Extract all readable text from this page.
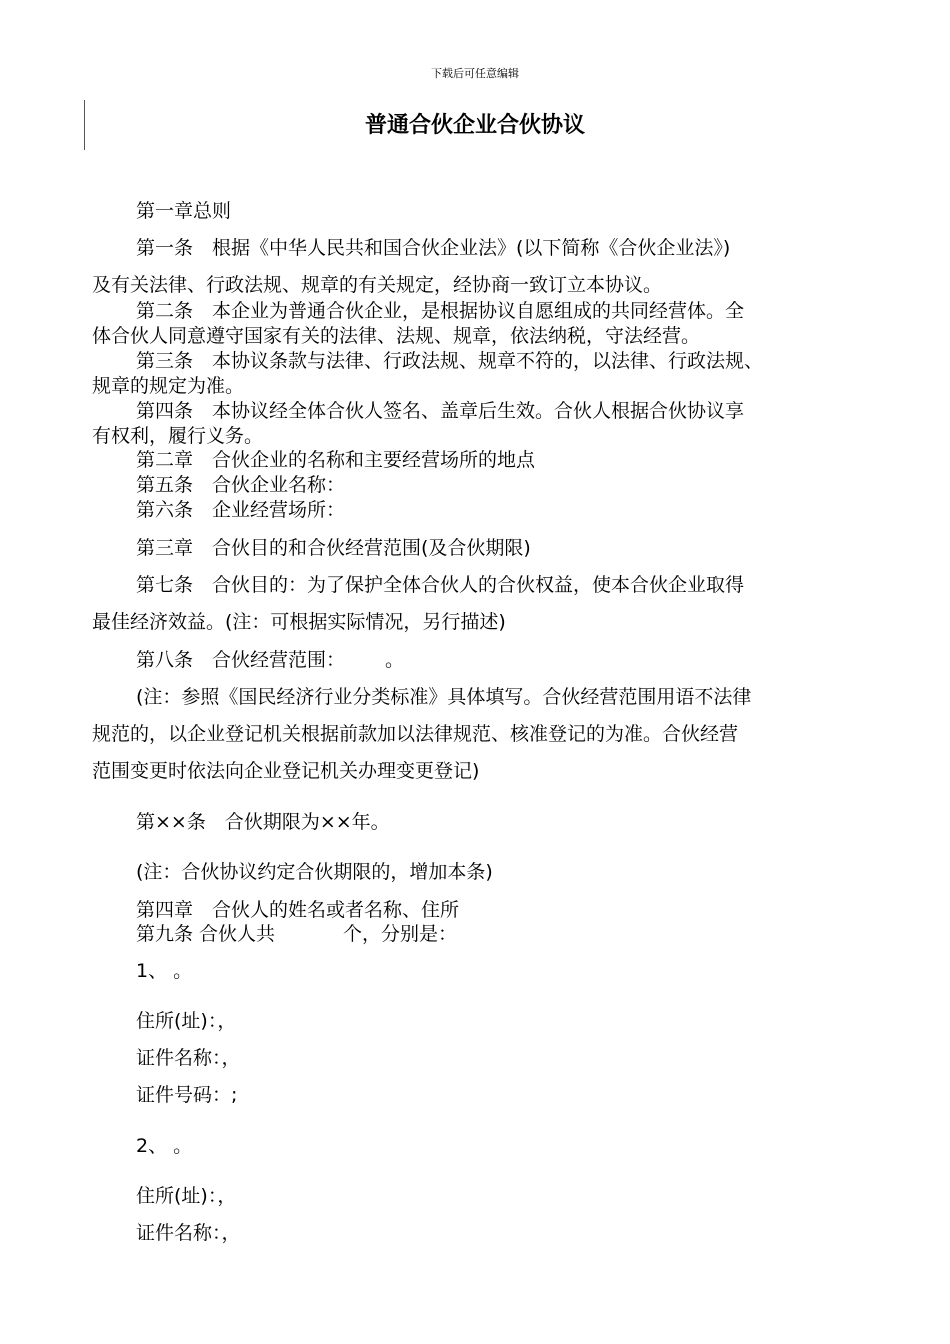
下载后可任意编辑
普通合伙企业合伙协议
第一章总则
第一条　根据《中华人民共和国合伙企业法》(以下简称《合伙企业法》)
及有关法律、行政法规、规章的有关规定，经协商一致订立本协议。
第二条　本企业为普通合伙企业，是根据协议自愿组成的共同经营体。全
体合伙人同意遵守国家有关的法律、法规、规章，依法纳税，守法经营。
第三条　本协议条款与法律、行政法规、规章不符的，以法律、行政法规、
规章的规定为准。
第四条　本协议经全体合伙人签名、盖章后生效。合伙人根据合伙协议享
有权利，履行义务。
第二章　合伙企业的名称和主要经营场所的地点
第五条　合伙企业名称：
第六条　企业经营场所：
第三章　合伙目的和合伙经营范围(及合伙期限)
第七条　合伙目的：为了保护全体合伙人的合伙权益，使本合伙企业取得
最佳经济效益。(注：可根据实际情况，另行描述)
第八条　合伙经营范围： 。
(注：参照《国民经济行业分类标准》具体填写。合伙经营范围用语不法律
规范的，以企业登记机关根据前款加以法律规范、核准登记的为准。合伙经营
范围变更时依法向企业登记机关办理变更登记)
第××条　合伙期限为××年。
(注：合伙协议约定合伙期限的，增加本条)
第四章　合伙人的姓名或者名称、住所
第九条 合伙人共	个，分别是：
1、 。
住所(址)：，
证件名称：，
证件号码：;
2、 。
住所(址)：，
证件名称：，
